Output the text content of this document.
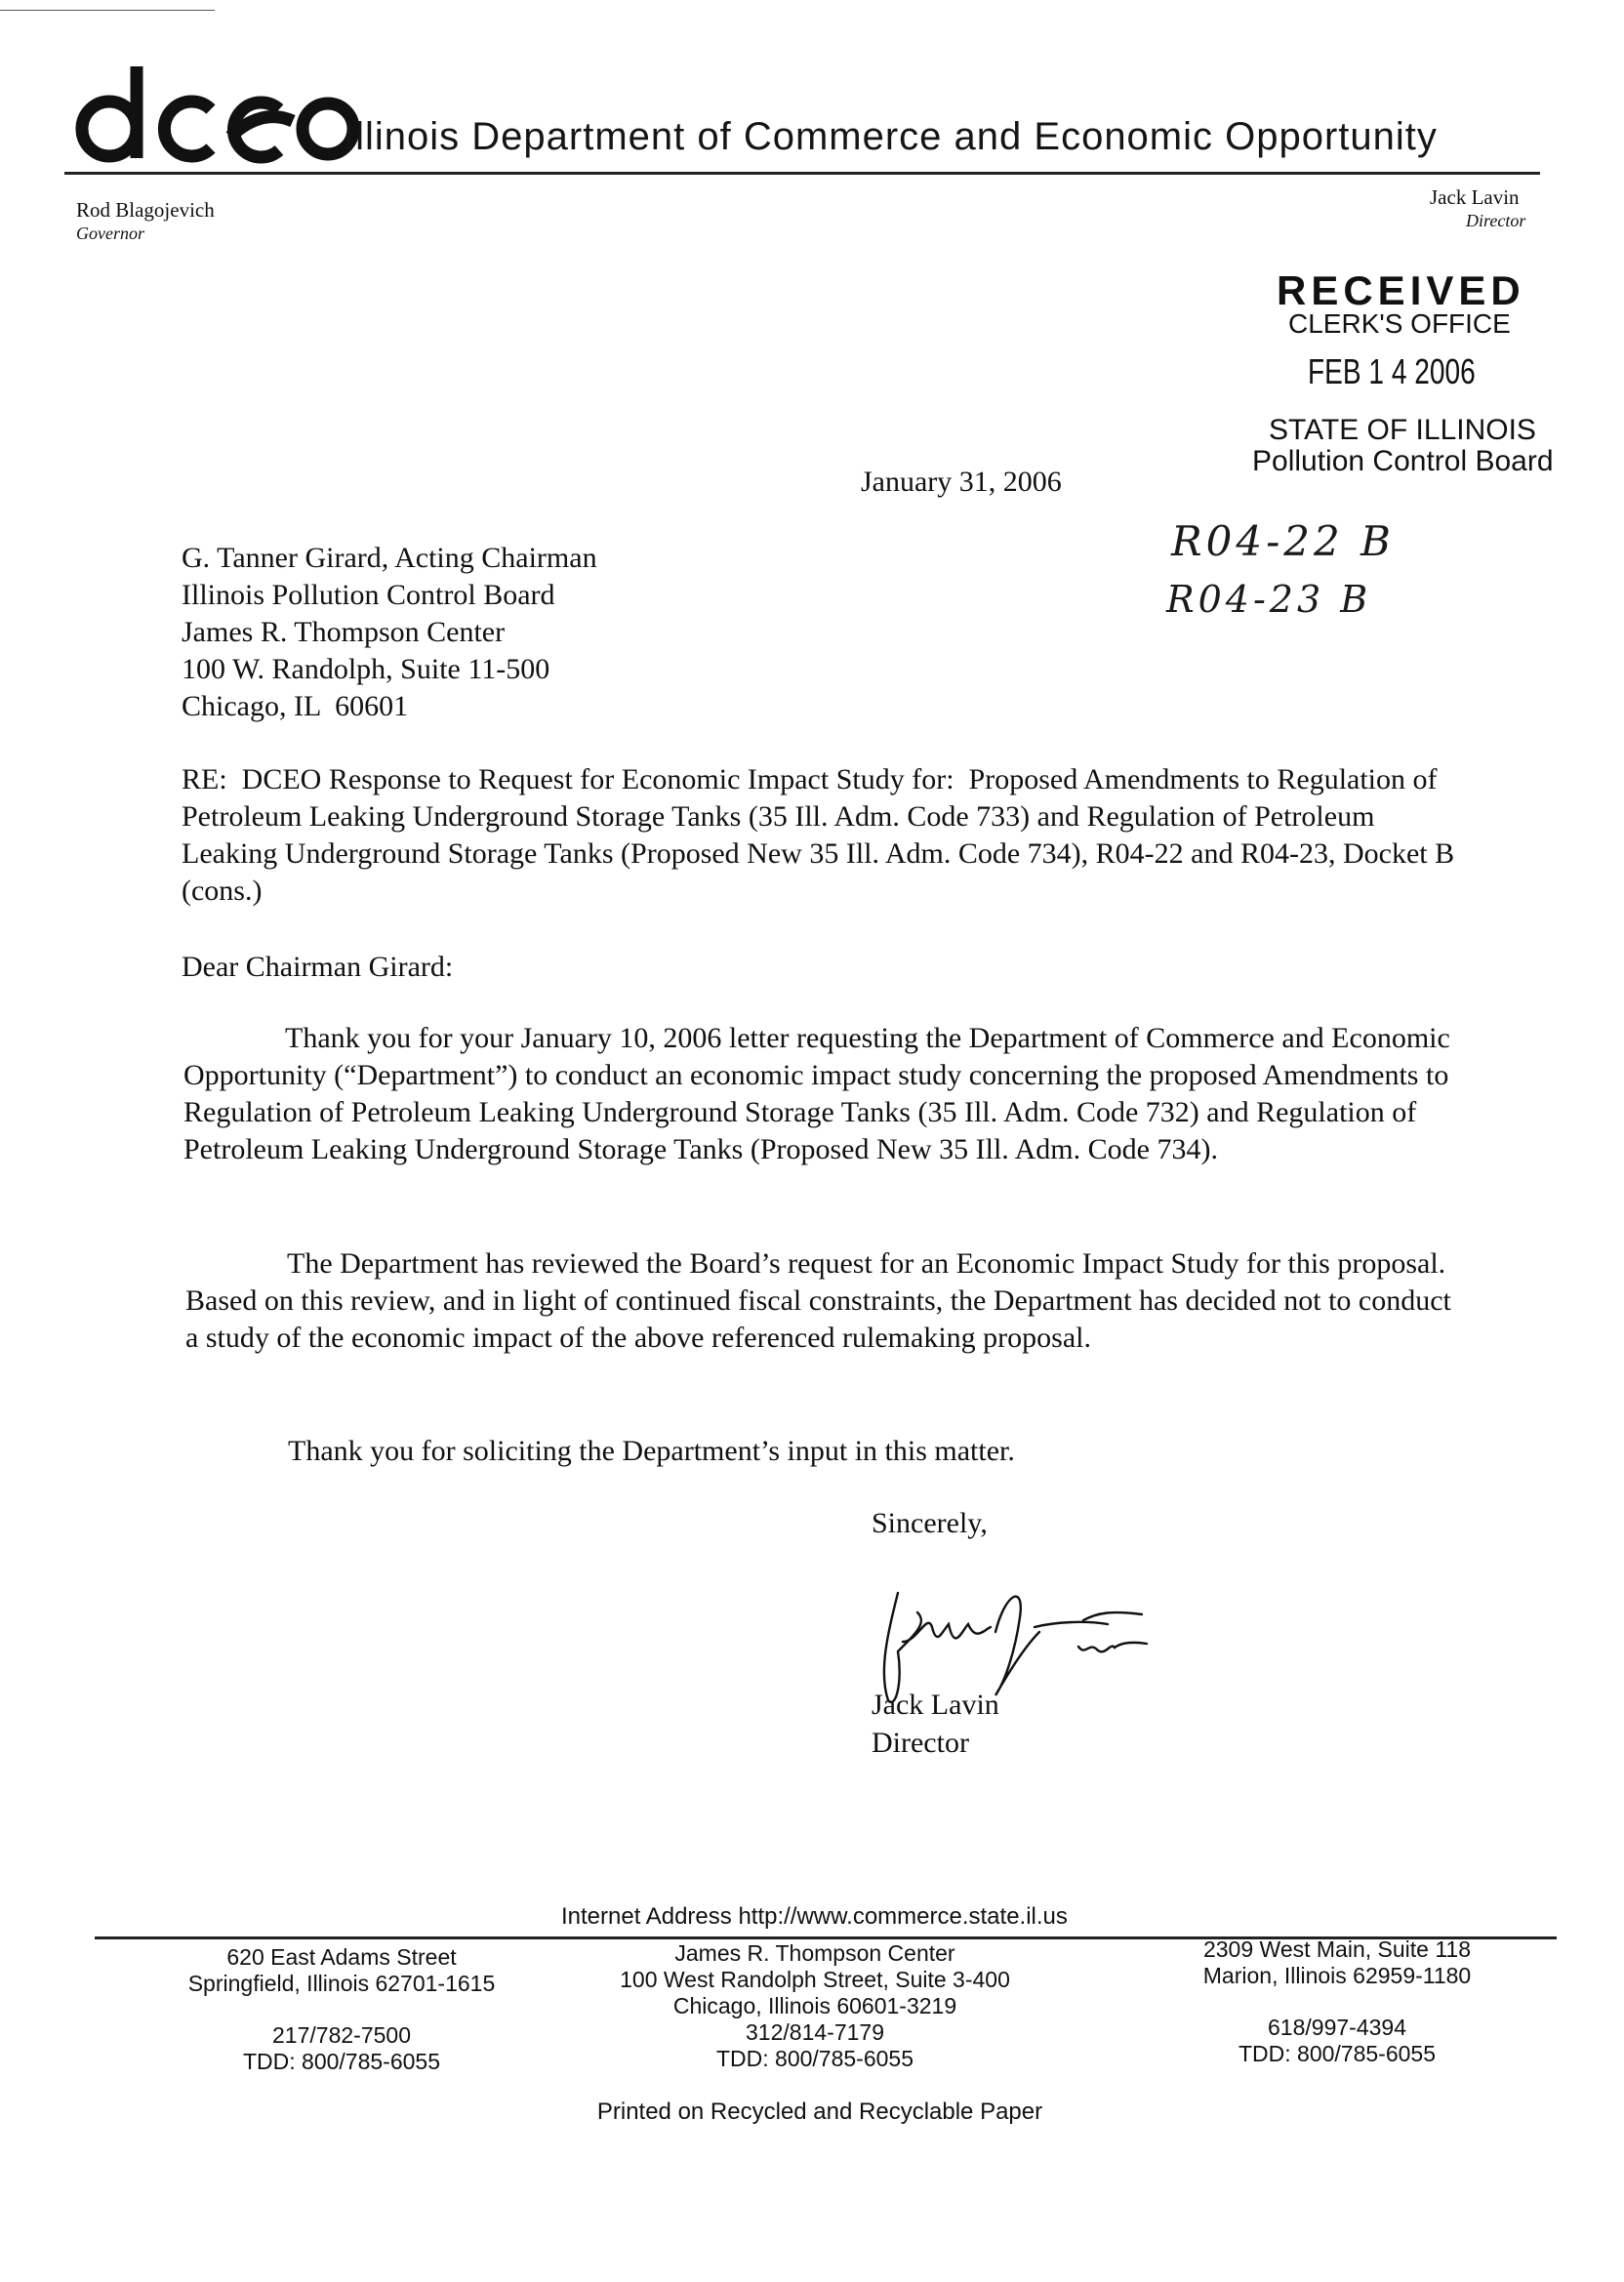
dceo
Illinois Department of Commerce and Economic Opportunity
Rod Blagojevich
Governor
Jack Lavin
Director
RECEIVED
CLERK'S OFFICE
FEB 1 4 2006
STATE OF ILLINOIS
Pollution Control Board
R04-22 B
R04-23 B
January 31, 2006
G. Tanner Girard, Acting Chairman
Illinois Pollution Control Board
James R. Thompson Center
100 W. Randolph, Suite 11-500
Chicago, IL  60601
RE:  DCEO Response to Request for Economic Impact Study for:  Proposed Amendments to Regulation of Petroleum Leaking Underground Storage Tanks (35 Ill. Adm. Code 733) and Regulation of Petroleum Leaking Underground Storage Tanks (Proposed New 35 Ill. Adm. Code 734), R04-22 and R04-23, Docket B (cons.)
Dear Chairman Girard:
Thank you for your January 10, 2006 letter requesting the Department of Commerce and Economic Opportunity (“Department”) to conduct an economic impact study concerning the proposed Amendments to Regulation of Petroleum Leaking Underground Storage Tanks (35 Ill. Adm. Code 732) and Regulation of Petroleum Leaking Underground Storage Tanks (Proposed New 35 Ill. Adm. Code 734).
The Department has reviewed the Board’s request for an Economic Impact Study for this proposal.  Based on this review, and in light of continued fiscal constraints, the Department has decided not to conduct a study of the economic impact of the above referenced rulemaking proposal.
Thank you for soliciting the Department’s input in this matter.
Sincerely,
Jack Lavin
Director
Internet Address http://www.commerce.state.il.us
620 East Adams Street
Springfield, Illinois 62701-1615
217/782-7500
TDD: 800/785-6055
James R. Thompson Center
100 West Randolph Street, Suite 3-400
Chicago, Illinois 60601-3219
312/814-7179
TDD: 800/785-6055
2309 West Main, Suite 118
Marion, Illinois 62959-1180
618/997-4394
TDD: 800/785-6055
Printed on Recycled and Recyclable Paper
